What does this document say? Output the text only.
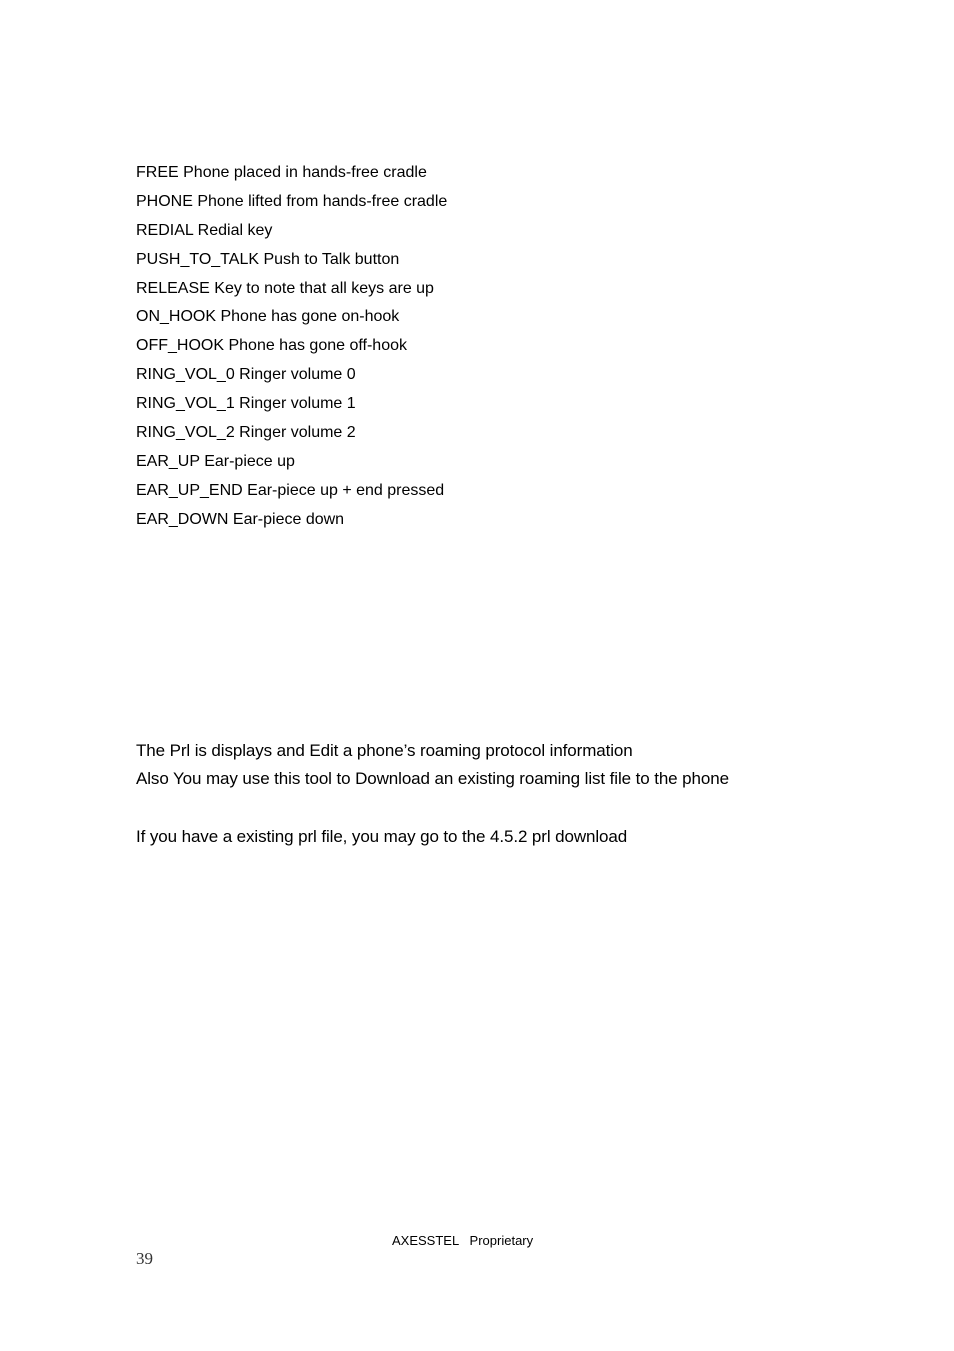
FREE Phone placed in hands-free cradle
PHONE Phone lifted from hands-free cradle
REDIAL Redial key
PUSH_TO_TALK Push to Talk button
RELEASE Key to note that all keys are up
ON_HOOK Phone has gone on-hook
OFF_HOOK Phone has gone off-hook
RING_VOL_0 Ringer volume 0
RING_VOL_1 Ringer volume 1
RING_VOL_2 Ringer volume 2
EAR_UP Ear-piece up
EAR_UP_END Ear-piece up + end pressed
EAR_DOWN Ear-piece down
The Prl is displays and Edit a phone’s roaming protocol information
Also You may use this tool to Download an existing roaming list file to the phone
If you have a existing prl file, you may go to the 4.5.2 prl download
AXESSTEL   Proprietary
39
